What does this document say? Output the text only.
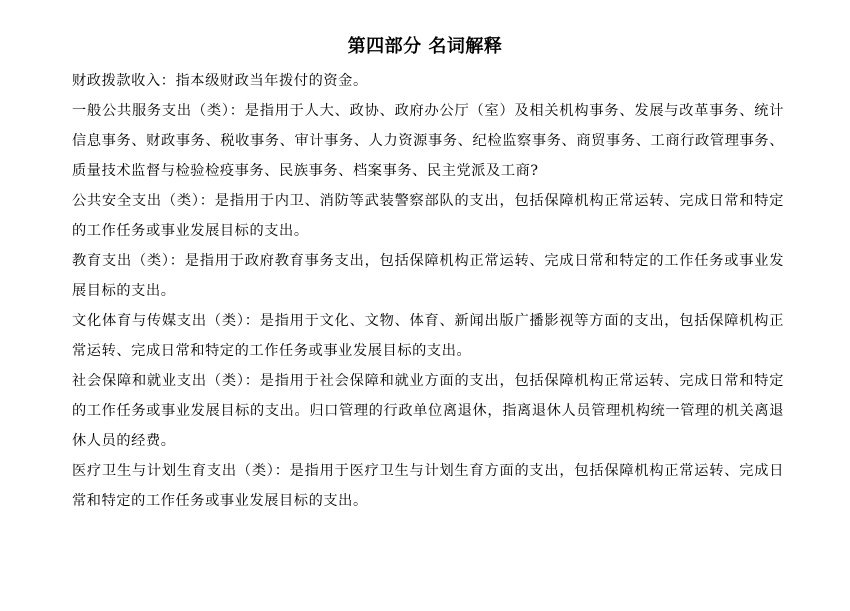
第四部分 名词解释

财政拨款收入：指本级财政当年拨付的资金。

一般公共服务支出（类）：是指用于人大、政协、政府办公厅（室）及相关机构事务、发展与改革事务、统计信息事务、财政事务、税收事务、审计事务、人力资源事务、纪检监察事务、商贸事务、工商行政管理事务、质量技术监督与检验检疫事务、民族事务、档案事务、民主党派及工商?

公共安全支出（类）：是指用于内卫、消防等武装警察部队的支出，包括保障机构正常运转、完成日常和特定的工作任务或事业发展目标的支出。

教育支出（类）：是指用于政府教育事务支出，包括保障机构正常运转、完成日常和特定的工作任务或事业发展目标的支出。

文化体育与传媒支出（类）：是指用于文化、文物、体育、新闻出版广播影视等方面的支出，包括保障机构正常运转、完成日常和特定的工作任务或事业发展目标的支出。

社会保障和就业支出（类）：是指用于社会保障和就业方面的支出，包括保障机构正常运转、完成日常和特定的工作任务或事业发展目标的支出。归口管理的行政单位离退休，指离退休人员管理机构统一管理的机关离退休人员的经费。

医疗卫生与计划生育支出（类）：是指用于医疗卫生与计划生育方面的支出，包括保障机构正常运转、完成日常和特定的工作任务或事业发展目标的支出。
